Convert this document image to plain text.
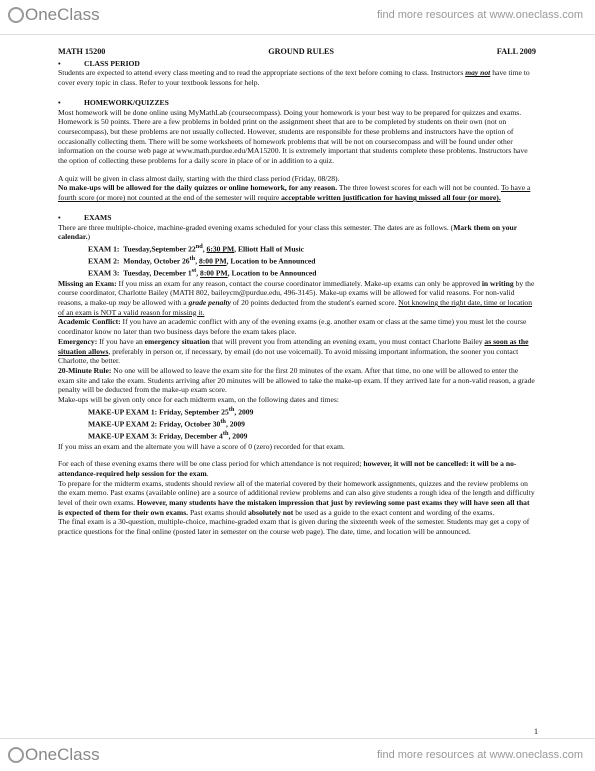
OneClass	find more resources at www.oneclass.com
MATH 15200	GROUND RULES	FALL 2009
•	CLASS PERIOD

Students are expected to attend every class meeting and to read the appropriate sections of the text before coming to class. Instructors may not have time to cover every topic in class. Refer to your textbook lessons for help.

•	HOMEWORK/QUIZZES

Most homework will be done online using MyMathLab (coursecompass). Doing your homework is your best way to be prepared for quizzes and exams. Homework is 50 points. There are a few problems in bolded print on the assignment sheet that are to be completed by students on their own (not on coursecompass), but these problems are not usually collected. However, students are responsible for these problems and instructors have the option of occasionally collecting them. There will be some worksheets of homework problems that will be not on coursecompass and will be found under other information on the course web page at www.math.purdue.edu/MA15200. It is extremely important that students complete these problems. Instructors have the option of collecting these problems for a daily score in place of or in addition to a quiz.

A quiz will be given in class almost daily, starting with the third class period (Friday, 08/28).

No make-ups will be allowed for the daily quizzes or online homework, for any reason. The three lowest scores for each will not be counted. To have a fourth score (or more) not counted at the end of the semester will require acceptable written justification for having missed all four (or more).

•	EXAMS

There are three multiple-choice, machine-graded evening exams scheduled for your class this semester. The dates are as follows. (Mark them on your calendar.)

EXAM 1: Tuesday,September 22nd, 6:30 PM, Elliott Hall of Music
EXAM 2: Monday, October 26th, 8:00 PM, Location to be Announced
EXAM 3: Tuesday, December 1st, 8:00 PM, Location to be Announced

Missing an Exam: If you miss an exam for any reason, contact the course coordinator immediately. Make-up exams can only be approved in writing by the course coordinator, Charlotte Bailey (MATH 802, baileycm@purdue.edu, 496-3145). Make-up exams will be allowed for valid reasons. For non-valid reasons, a make-up may be allowed with a grade penalty of 20 points deducted from the student's earned score. Not knowing the right date, time or location of an exam is NOT a valid reason for missing it.

Academic Conflict: If you have an academic conflict with any of the evening exams (e.g. another exam or class at the same time) you must let the course coordinator know no later than two business days before the exam takes place.

Emergency: If you have an emergency situation that will prevent you from attending an evening exam, you must contact Charlotte Bailey as soon as the situation allows, preferably in person or, if necessary, by email (do not use voicemail). To avoid missing important information, the sooner you contact Charlotte, the better.

20-Minute Rule: No one will be allowed to leave the exam site for the first 20 minutes of the exam. After that time, no one will be allowed to enter the exam site and take the exam. Students arriving after 20 minutes will be allowed to take the make-up exam. If they arrived late for a non-valid reason, a grade penalty will be deducted from the make-up exam score.

Make-ups will be given only once for each midterm exam, on the following dates and times:

MAKE-UP EXAM 1: Friday, September 25th, 2009
MAKE-UP EXAM 2: Friday, October 30th, 2009
MAKE-UP EXAM 3: Friday, December 4th, 2009

If you miss an exam and the alternate you will have a score of 0 (zero) recorded for that exam.

For each of these evening exams there will be one class period for which attendance is not required; however, it will not be cancelled: it will be a no-attendance-required help session for the exam.

To prepare for the midterm exams, students should review all of the material covered by their homework assignments, quizzes and the review problems on the exam memo. Past exams (available online) are a source of additional review problems and can also give students a rough idea of the length and difficulty level of their own exams. However, many students have the mistaken impression that just by reviewing some past exams they will have seen all that is expected of them for their own exams. Past exams should absolutely not be used as a guide to the exact content and wording of the exams.

The final exam is a 30-question, multiple-choice, machine-graded exam that is given during the sixteenth week of the semester. Students may get a copy of practice questions for the final online (posted later in semester on the course web page). The date, time, and location will be announced.

1
OneClass	find more resources at www.oneclass.com
